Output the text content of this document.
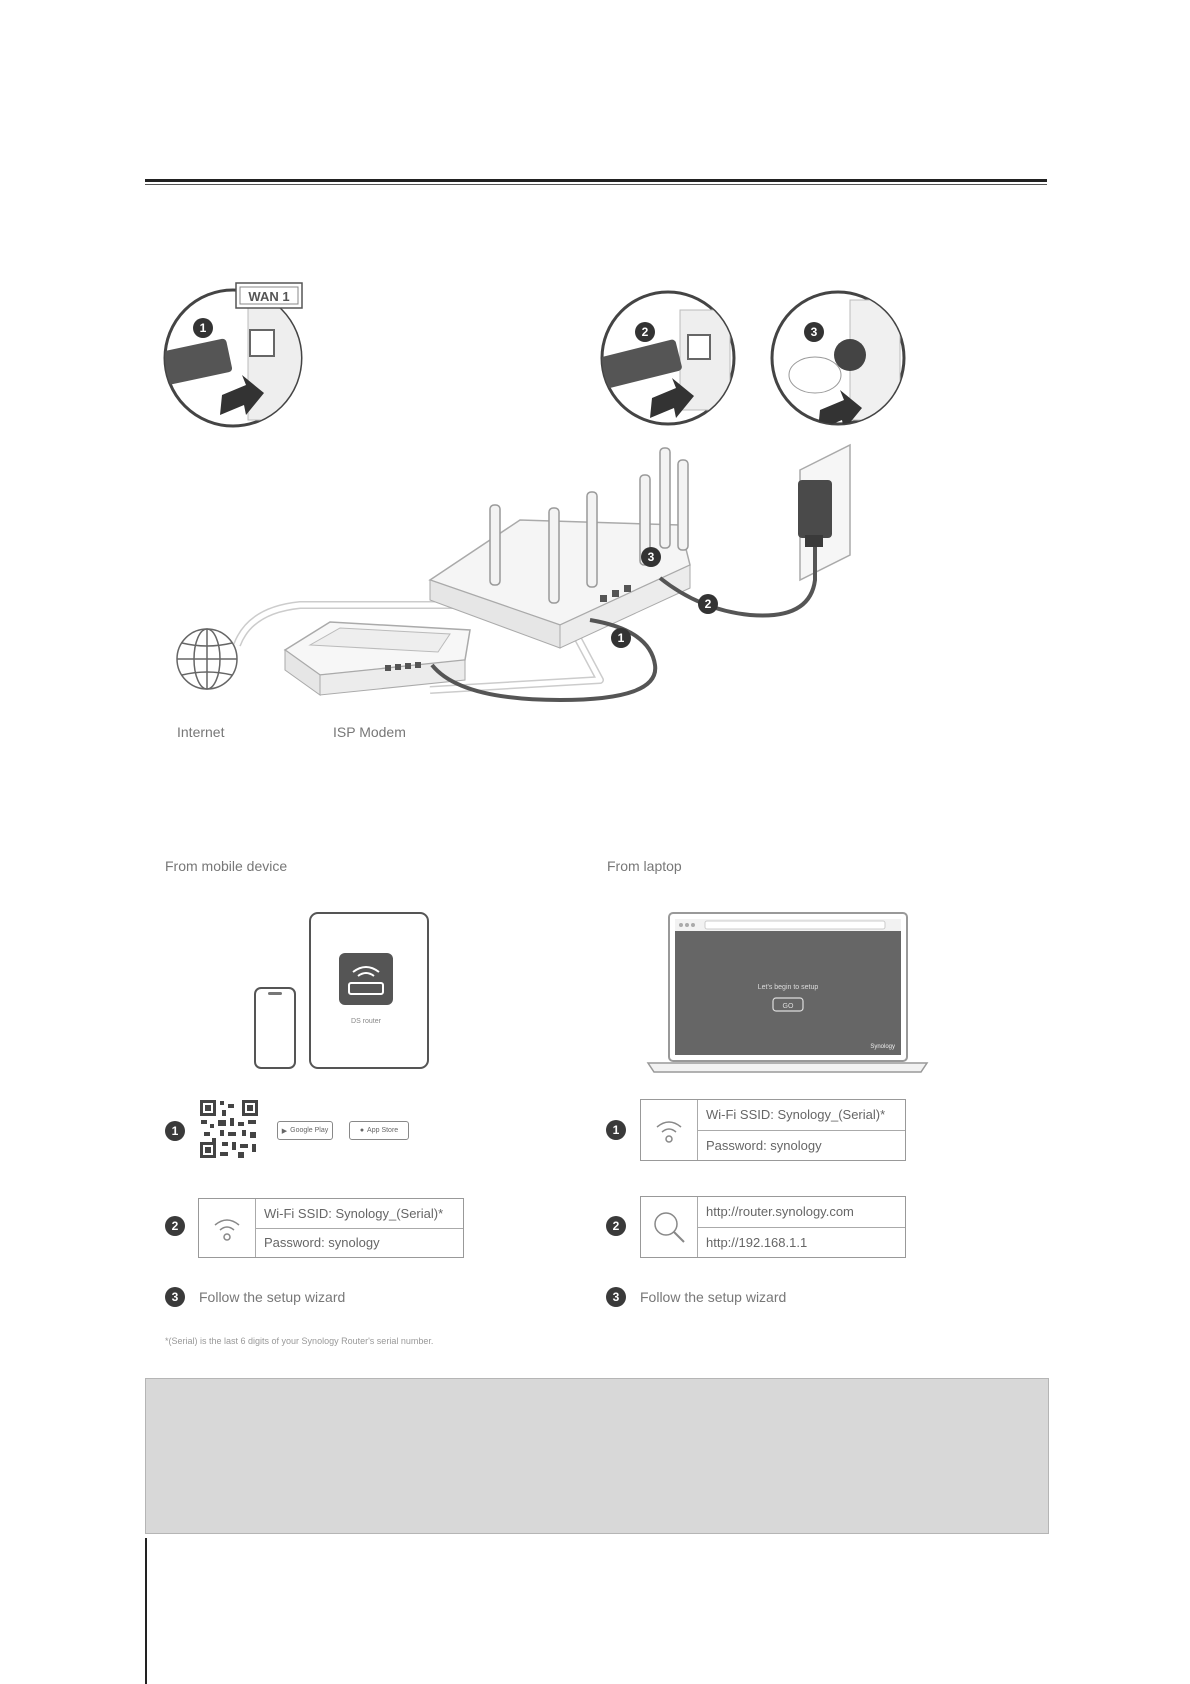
WAN 1
1	2	3
1
2
3
Internet	ISP Modem
From mobile device
DS router
1	▶ Google Play	● App Store
2
Wi-Fi SSID: Synology_(Serial)*
Password: synology
3	Follow the setup wizard
*(Serial) is the last 6 digits of your Synology Router's serial number.
From laptop
Let's begin to setup
GO
Synology
1
Wi-Fi SSID: Synology_(Serial)*
Password: synology
2
http://router.synology.com
http://192.168.1.1
3	Follow the setup wizard
